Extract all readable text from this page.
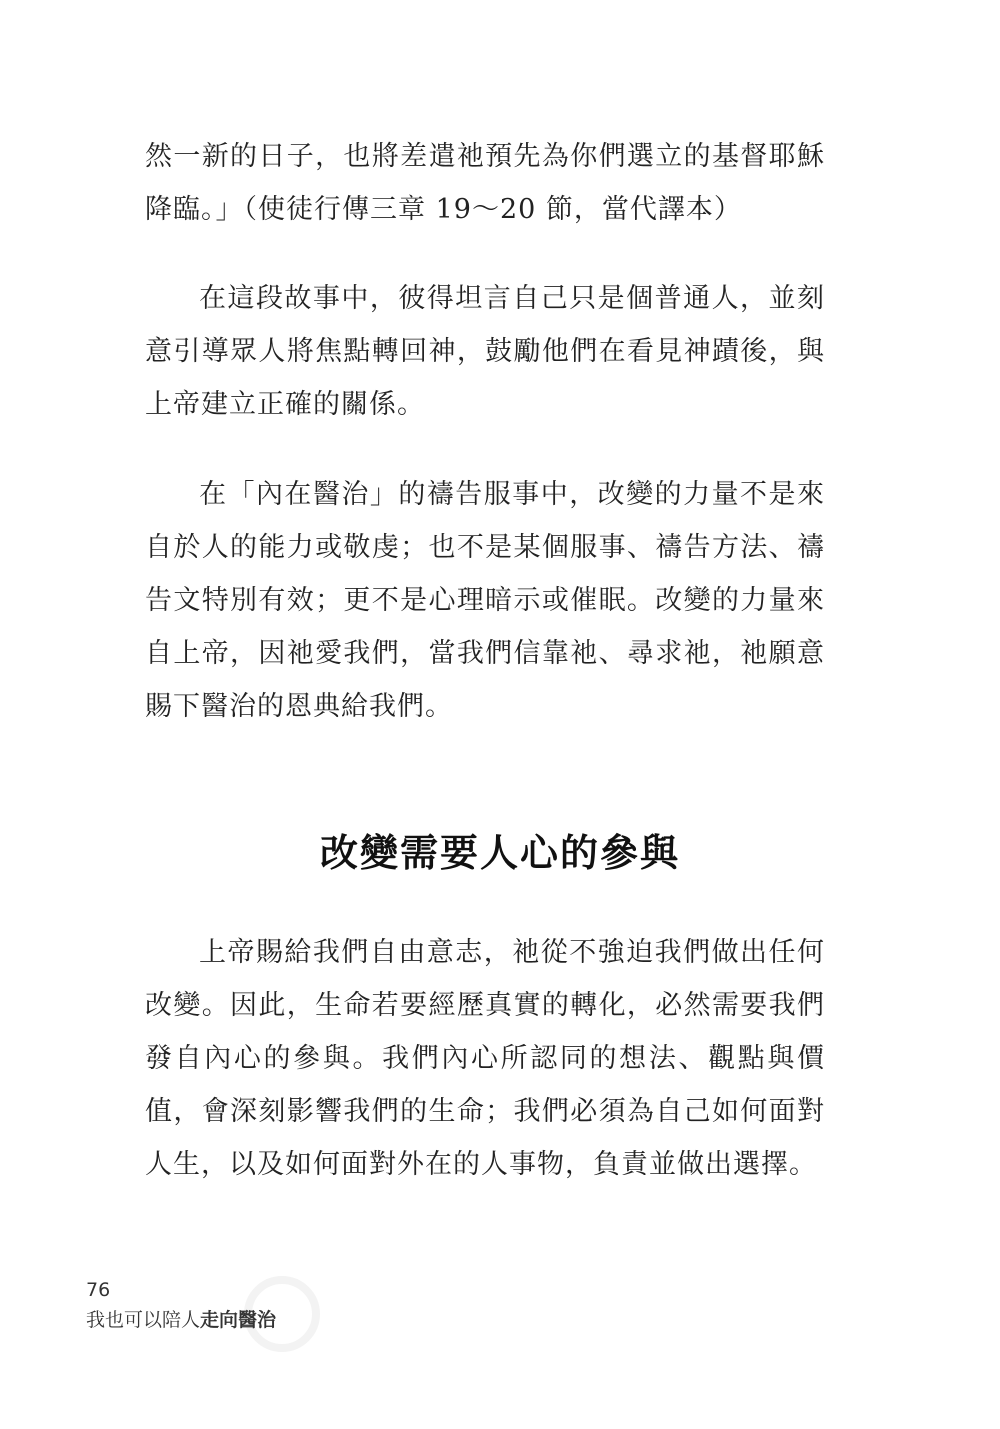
然一新的日子，也將差遣祂預先為你們選立的基督耶穌降臨。」（使徒行傳三章 19～20 節，當代譯本）

在這段故事中，彼得坦言自己只是個普通人，並刻意引導眾人將焦點轉回神，鼓勵他們在看見神蹟後，與上帝建立正確的關係。

在「內在醫治」的禱告服事中，改變的力量不是來自於人的能力或敬虔；也不是某個服事、禱告方法、禱告文特別有效；更不是心理暗示或催眠。改變的力量來自上帝，因祂愛我們，當我們信靠祂、尋求祂，祂願意賜下醫治的恩典給我們。

改變需要人心的參與

上帝賜給我們自由意志，祂從不強迫我們做出任何改變。因此，生命若要經歷真實的轉化，必然需要我們發自內心的參與。我們內心所認同的想法、觀點與價值，會深刻影響我們的生命；我們必須為自己如何面對人生，以及如何面對外在的人事物，負責並做出選擇。

76
我也可以陪人走向醫治
